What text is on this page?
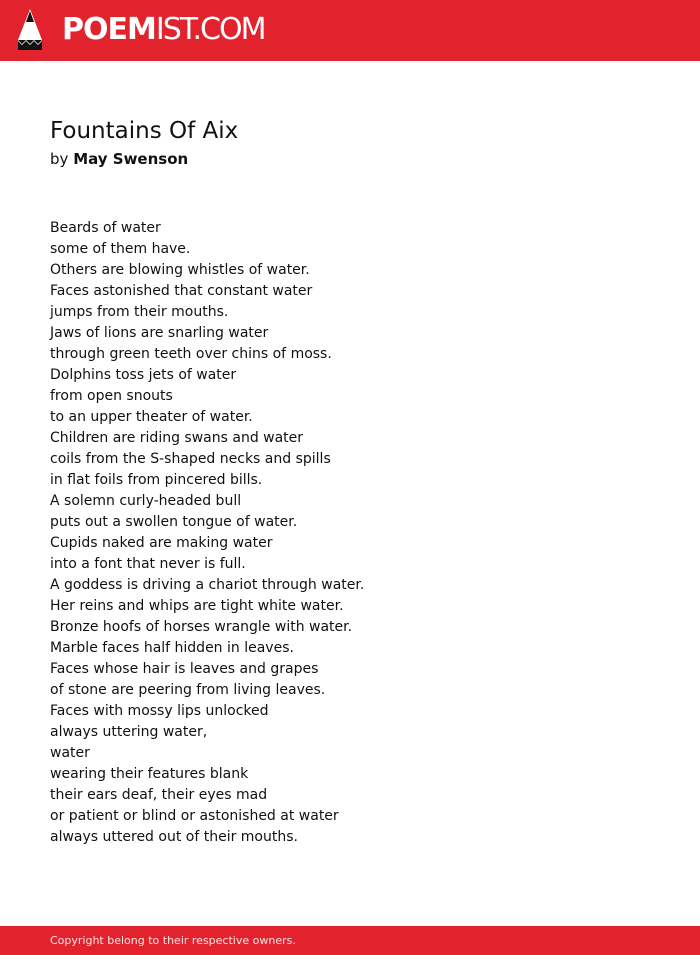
POEMIST.COM
Fountains Of Aix
by May Swenson
Beards of water
some of them have.
Others are blowing whistles of water.
Faces astonished that constant water
jumps from their mouths.
Jaws of lions are snarling water
through green teeth over chins of moss.
Dolphins toss jets of water
from open snouts
to an upper theater of water.
Children are riding swans and water
coils from the S-shaped necks and spills
in flat foils from pincered bills.
A solemn curly-headed bull
puts out a swollen tongue of water.
Cupids naked are making water
into a font that never is full.
A goddess is driving a chariot through water.
Her reins and whips are tight white water.
Bronze hoofs of horses wrangle with water.
Marble faces half hidden in leaves.
Faces whose hair is leaves and grapes
of stone are peering from living leaves.
Faces with mossy lips unlocked
always uttering water,
water
wearing their features blank
their ears deaf, their eyes mad
or patient or blind or astonished at water
always uttered out of their mouths.
Copyright belong to their respective owners.
